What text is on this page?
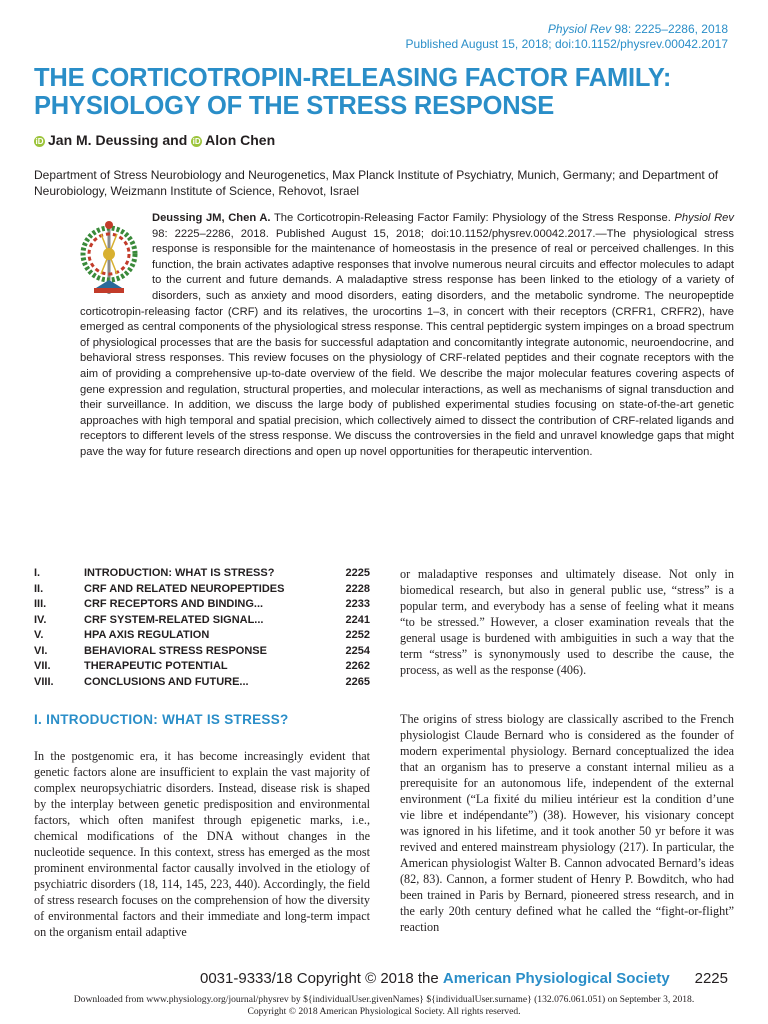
Physiol Rev 98: 2225–2286, 2018
Published August 15, 2018; doi:10.1152/physrev.00042.2017
THE CORTICOTROPIN-RELEASING FACTOR FAMILY: PHYSIOLOGY OF THE STRESS RESPONSE
iD Jan M. Deussing and iD Alon Chen
Department of Stress Neurobiology and Neurogenetics, Max Planck Institute of Psychiatry, Munich, Germany; and Department of Neurobiology, Weizmann Institute of Science, Rehovot, Israel
Deussing JM, Chen A. The Corticotropin-Releasing Factor Family: Physiology of the Stress Response. Physiol Rev 98: 2225–2286, 2018. Published August 15, 2018; doi:10.1152/physrev.00042.2017.—The physiological stress response is responsible for the maintenance of homeostasis in the presence of real or perceived challenges. In this function, the brain activates adaptive responses that involve numerous neural circuits and effector molecules to adapt to the current and future demands. A maladaptive stress response has been linked to the etiology of a variety of disorders, such as anxiety and mood disorders, eating disorders, and the metabolic syndrome. The neuropeptide corticotropin-releasing factor (CRF) and its relatives, the urocortins 1–3, in concert with their receptors (CRFR1, CRFR2), have emerged as central components of the physiological stress response. This central peptidergic system impinges on a broad spectrum of physiological processes that are the basis for successful adaptation and concomitantly integrate autonomic, neuroendocrine, and behavioral stress responses. This review focuses on the physiology of CRF-related peptides and their cognate receptors with the aim of providing a comprehensive up-to-date overview of the field. We describe the major molecular features covering aspects of gene expression and regulation, structural properties, and molecular interactions, as well as mechanisms of signal transduction and their surveillance. In addition, we discuss the large body of published experimental studies focusing on state-of-the-art genetic approaches with high temporal and spatial precision, which collectively aimed to dissect the contribution of CRF-related ligands and receptors to different levels of the stress response. We discuss the controversies in the field and unravel knowledge gaps that might pave the way for future research directions and open up novel opportunities for therapeutic intervention.
I.	INTRODUCTION: WHAT IS STRESS?	2225
II.	CRF AND RELATED NEUROPEPTIDES	2228
III.	CRF RECEPTORS AND BINDING...	2233
IV.	CRF SYSTEM-RELATED SIGNAL...	2241
V.	HPA AXIS REGULATION	2252
VI.	BEHAVIORAL STRESS RESPONSE	2254
VII.	THERAPEUTIC POTENTIAL	2262
VIII.	CONCLUSIONS AND FUTURE...	2265
I. INTRODUCTION: WHAT IS STRESS?

In the postgenomic era, it has become increasingly evident that genetic factors alone are insufficient to explain the vast majority of complex neuropsychiatric disorders. Instead, disease risk is shaped by the interplay between genetic predisposition and environmental factors, which often manifest through epigenetic marks, i.e., chemical modifications of the DNA without changes in the nucleotide sequence. In this context, stress has emerged as the most prominent environmental factor causally involved in the etiology of psychiatric disorders (18, 114, 145, 223, 440). Accordingly, the field of stress research focuses on the comprehension of how the diversity of environmental factors and their immediate and long-term impact on the organism entail adaptive

or maladaptive responses and ultimately disease. Not only in biomedical research, but also in general public use, “stress” is a popular term, and everybody has a sense of feeling what it means “to be stressed.” However, a closer examination reveals that the general usage is burdened with ambiguities in such a way that the term “stress” is synonymously used to describe the cause, the process, as well as the response (406).

The origins of stress biology are classically ascribed to the French physiologist Claude Bernard who is considered as the founder of modern experimental physiology. Bernard conceptualized the idea that an organism has to preserve a constant internal milieu as a prerequisite for an autonomous life, independent of the external environment (“La fixité du milieu intérieur est la condition d’une vie libre et indépendante”) (38). However, his visionary concept was ignored in his lifetime, and it took another 50 yr before it was revived and entered mainstream physiology (217). In particular, the American physiologist Walter B. Cannon advocated Bernard’s ideas (82, 83). Cannon, a former student of Henry P. Bowditch, who had been trained in Paris by Bernard, pioneered stress research, and in the early 20th century defined what he called the “fight-or-flight” reaction

0031-9333/18 Copyright © 2018 the American Physiological Society 2225
Downloaded from www.physiology.org/journal/physrev by ${individualUser.givenNames} ${individualUser.surname} (132.076.061.051) on September 3, 2018.
Copyright © 2018 American Physiological Society. All rights reserved.
